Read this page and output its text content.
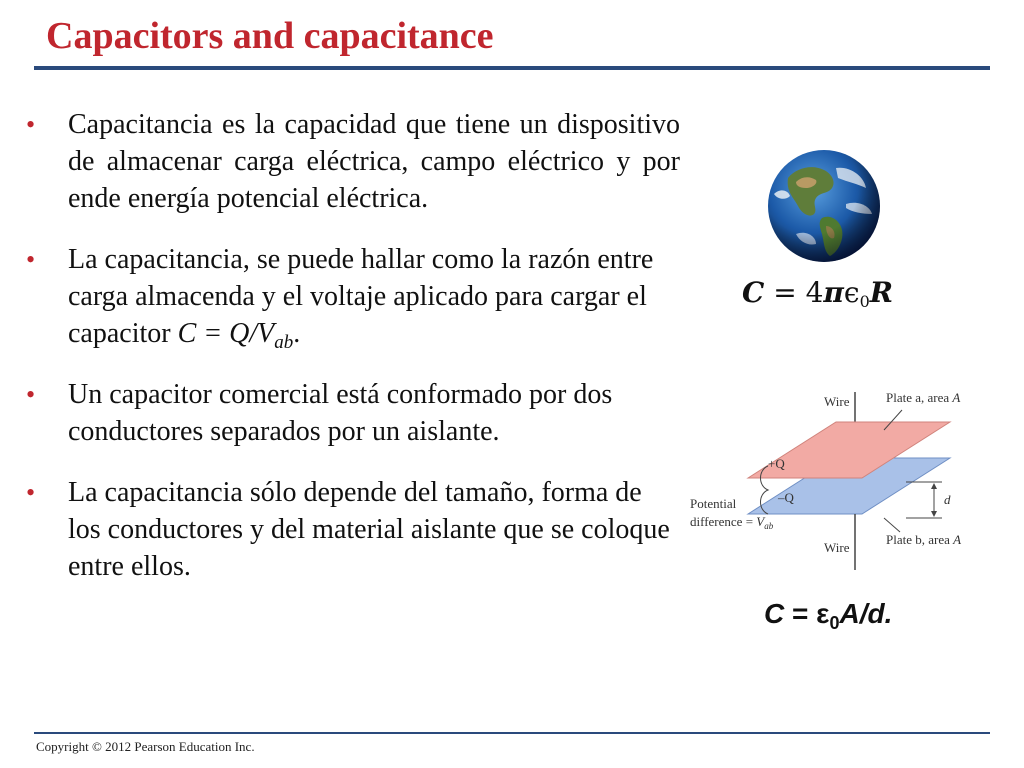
Capacitors and capacitance
• Capacitancia es la capacidad que tiene un dispositivo de almacenar carga eléctrica, campo eléctrico y por ende energía potencial eléctrica.
• La capacitancia, se puede hallar como la razón entre carga almacenda y el voltaje aplicado para cargar el capacitor $C = Q/V_{ab}$.
• Un capacitor comercial está conformado por dos conductores separados por un aislante.
• La capacitancia sólo depende del tamaño, forma de los conductores y del material aislante que se coloque entre ellos.
$C = 4\pi\epsilon_0R$
Wire	Plate a, area A
+Q
–Q
Potential
difference = $V_{ab}$
d
Wire
Plate b, area A
$C = \varepsilon_0A/d$.
Copyright © 2012 Pearson Education Inc.
